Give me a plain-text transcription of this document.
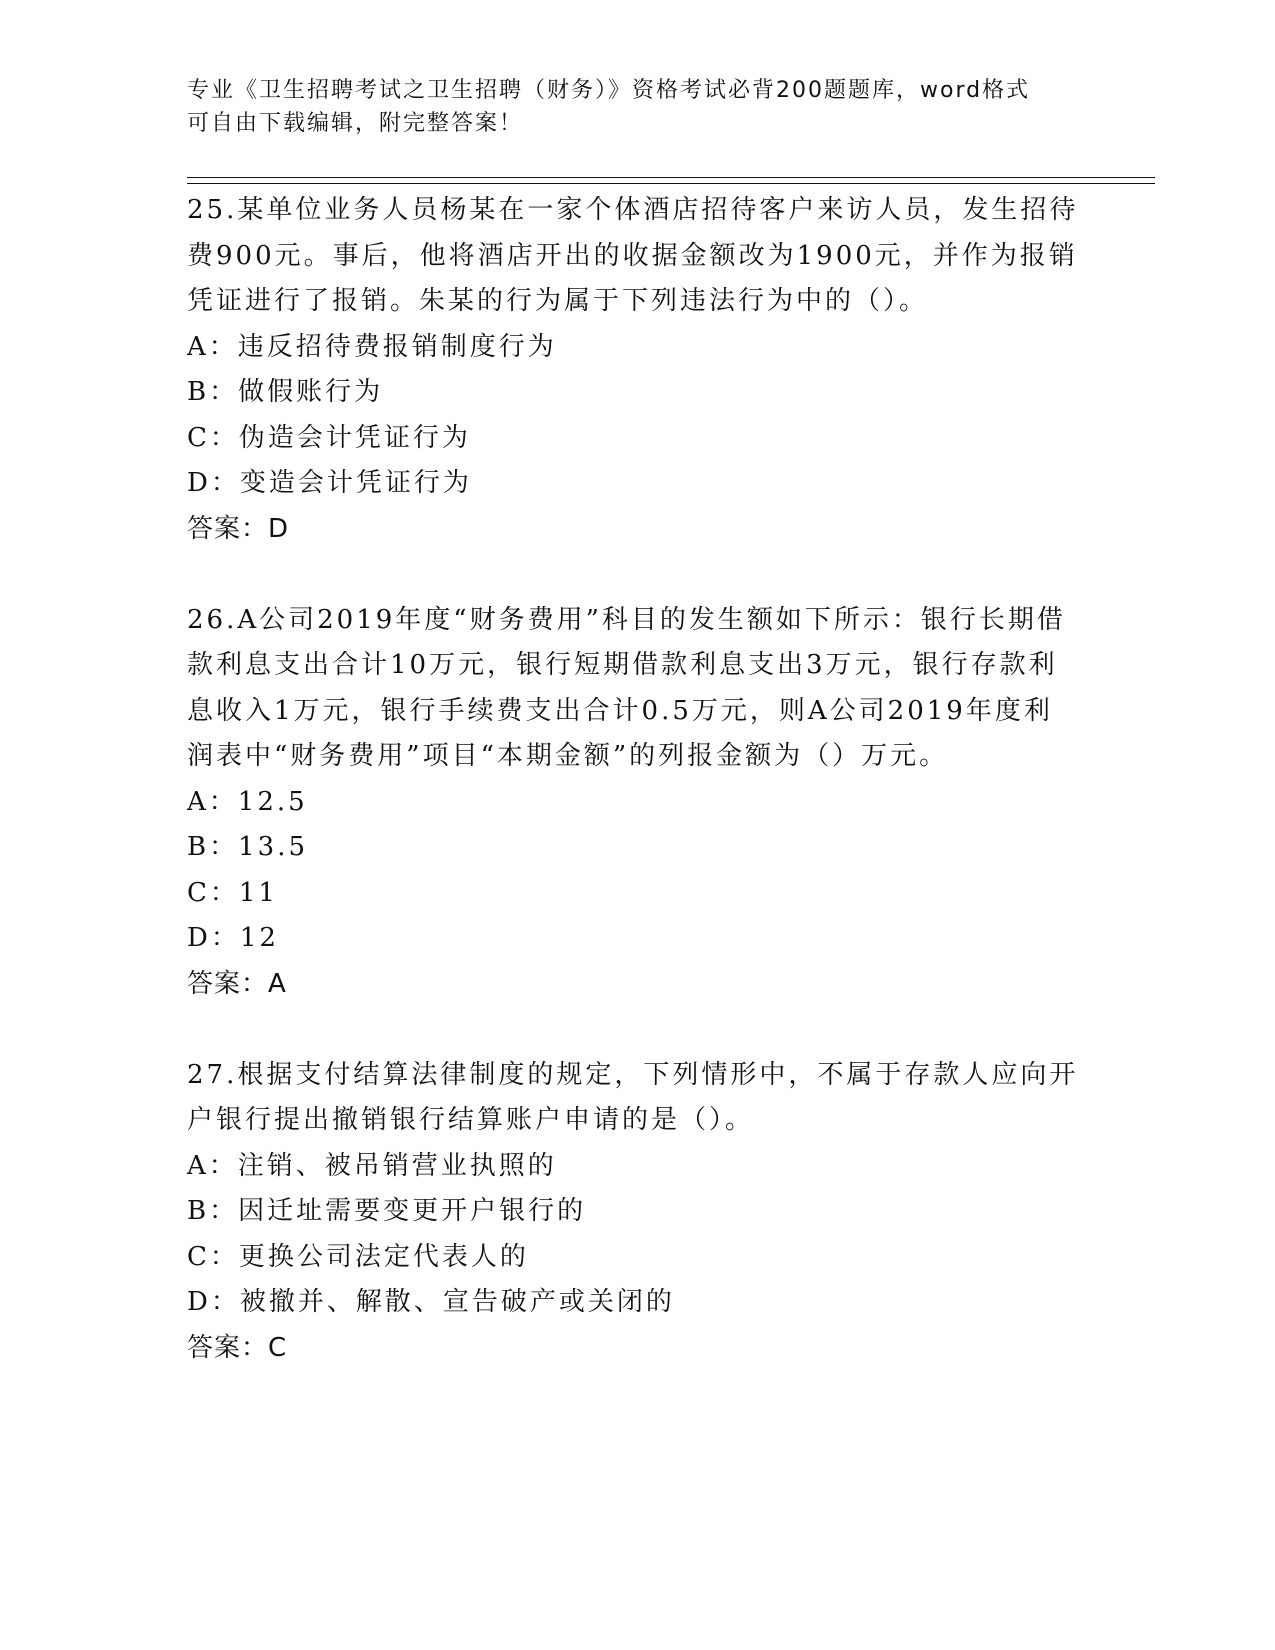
专业《卫生招聘考试之卫生招聘（财务）》资格考试必背200题题库，word格式
可自由下载编辑，附完整答案！
25.某单位业务人员杨某在一家个体酒店招待客户来访人员，发生招待
费900元。事后，他将酒店开出的收据金额改为1900元，并作为报销
凭证进行了报销。朱某的行为属于下列违法行为中的（）。
A：违反招待费报销制度行为
B：做假账行为
C：伪造会计凭证行为
D：变造会计凭证行为
答案：D
26.A公司2019年度“财务费用”科目的发生额如下所示：银行长期借
款利息支出合计10万元，银行短期借款利息支出3万元，银行存款利
息收入1万元，银行手续费支出合计0.5万元，则A公司2019年度利
润表中“财务费用”项目“本期金额”的列报金额为（）万元。
A：12.5
B：13.5
C：11
D：12
答案：A
27.根据支付结算法律制度的规定，下列情形中，不属于存款人应向开
户银行提出撤销银行结算账户申请的是（）。
A：注销、被吊销营业执照的
B：因迁址需要变更开户银行的
C：更换公司法定代表人的
D：被撤并、解散、宣告破产或关闭的
答案：C
